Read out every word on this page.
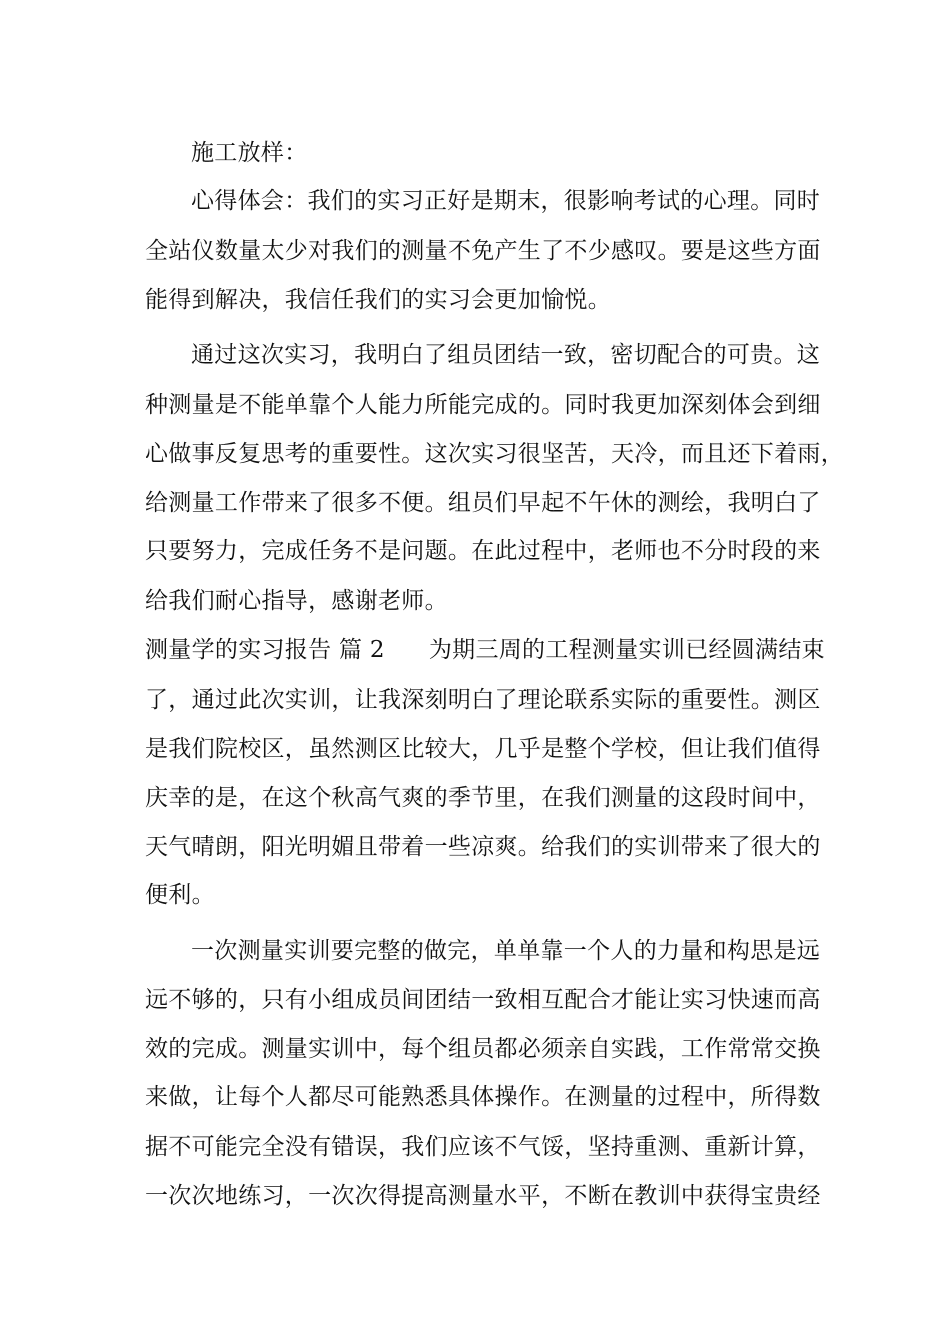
施工放样：
心得体会：我们的实习正好是期末，很影响考试的心理。同时
全站仪数量太少对我们的测量不免产生了不少感叹。要是这些方面
能得到解决，我信任我们的实习会更加愉悦。
通过这次实习，我明白了组员团结一致，密切配合的可贵。这
种测量是不能单靠个人能力所能完成的。同时我更加深刻体会到细
心做事反复思考的重要性。这次实习很坚苦，天冷，而且还下着雨，
给测量工作带来了很多不便。组员们早起不午休的测绘，我明白了
只要努力，完成任务不是问题。在此过程中，老师也不分时段的来
给我们耐心指导，感谢老师。
测量学的实习报告 篇 2 为期三周的工程测量实训已经圆满结束
了，通过此次实训，让我深刻明白了理论联系实际的重要性。测区
是我们院校区，虽然测区比较大，几乎是整个学校，但让我们值得
庆幸的是，在这个秋高气爽的季节里，在我们测量的这段时间中，
天气晴朗，阳光明媚且带着一些凉爽。给我们的实训带来了很大的
便利。
一次测量实训要完整的做完，单单靠一个人的力量和构思是远
远不够的，只有小组成员间团结一致相互配合才能让实习快速而高
效的完成。测量实训中，每个组员都必须亲自实践，工作常常交换
来做，让每个人都尽可能熟悉具体操作。在测量的过程中，所得数
据不可能完全没有错误，我们应该不气馁，坚持重测、重新计算，
一次次地练习，一次次得提高测量水平，不断在教训中获得宝贵经
